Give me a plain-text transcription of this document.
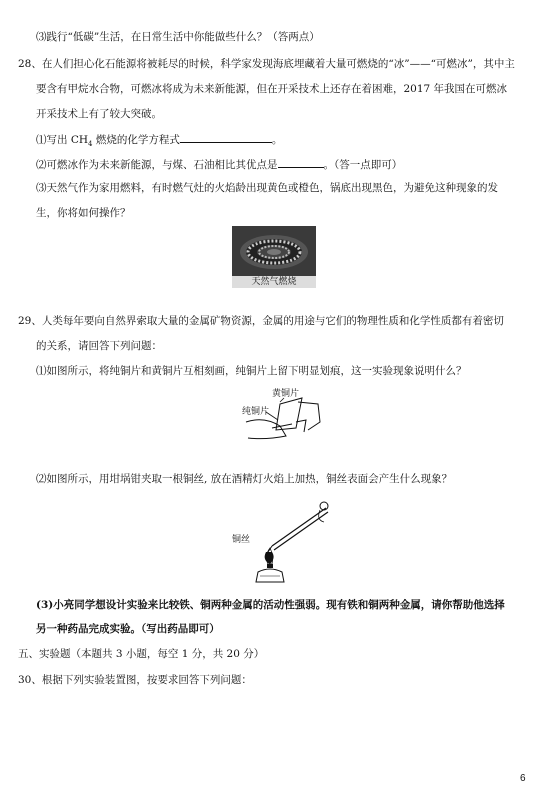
⑶践行“低碳”生活，在日常生活中你能做些什么？（答两点）
28、在人们担心化石能源将被耗尽的时候，科学家发现海底埋藏着大量可燃烧的“冰”——“可燃冰”，其中主
要含有甲烷水合物，可燃冰将成为未来新能源，但在开采技术上还存在着困难，2017 年我国在可燃冰
开采技术上有了较大突破。
⑴写出 $CH_4$ 燃烧的化学方程式	。
⑵可燃冰作为未来新能源，与煤、石油相比其优点是	。（答一点即可）
⑶天然气作为家用燃料，有时燃气灶的火焰龄出现黄色或橙色，锅底出现黑色，为避免这种现象的发
生，你将如何操作？
天然气燃烧
29、人类每年要向自然界索取大量的金属矿物资源，金属的用途与它们的物理性质和化学性质都有着密切
的关系，请回答下列问题：
⑴如图所示，将纯铜片和黄铜片互相刻画，纯铜片上留下明显划痕，这一实验现象说明什么？
黄铜片
纯铜片
⑵如图所示，用坩埚钳夹取一根铜丝, 放在酒精灯火焰上加热，铜丝表面会产生什么现象？
铜丝
(3)小亮同学想设计实验来比较铁、铜两种金属的活动性强弱。现有铁和铜两种金属，请你帮助他选择
另一种药品完成实验。（写出药品即可）
五、实验题（本题共 3 小题，每空 1 分，共 20 分）
30、根据下列实验装置图，按要求回答下列问题：
6
